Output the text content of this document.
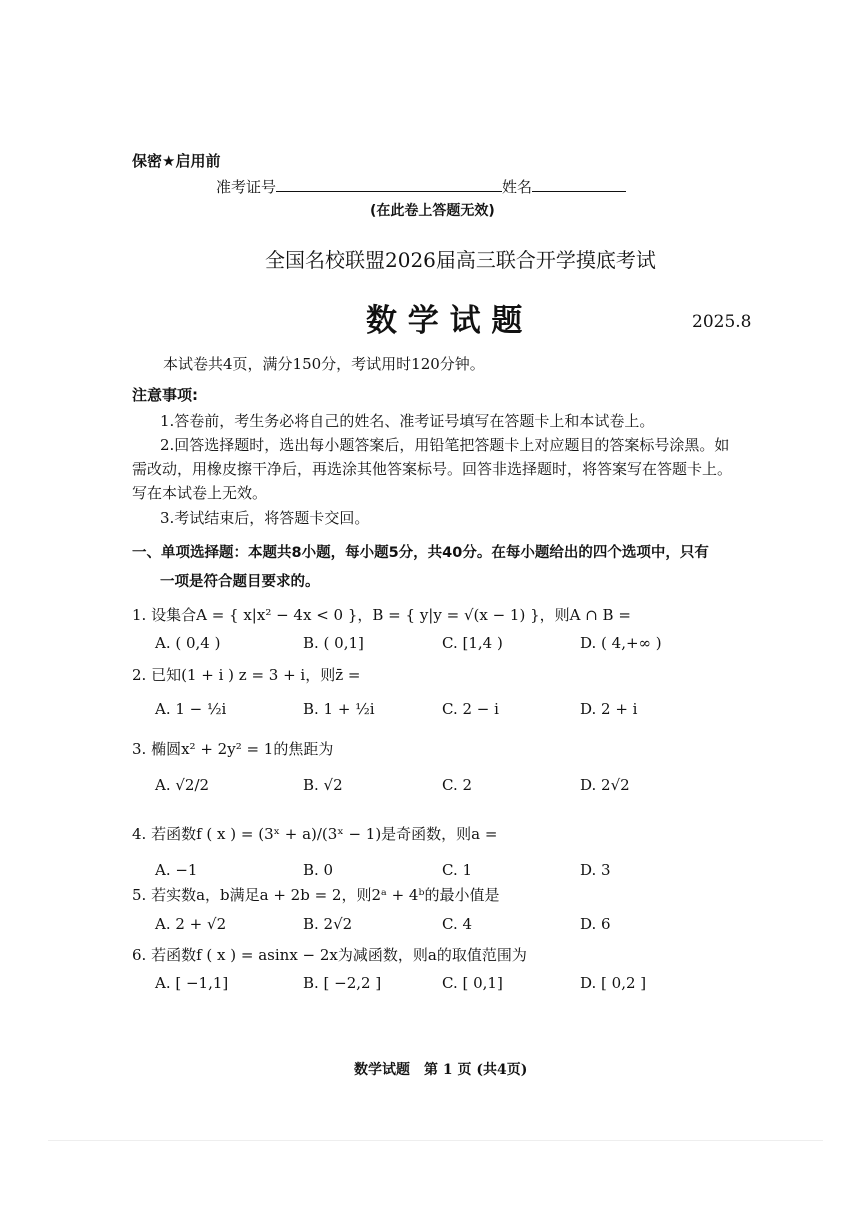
保密★启用前
准考证号	姓名
(在此卷上答题无效)
全国名校联盟2026届高三联合开学摸底考试
数 学 试 题	2025.8
本试卷共4页，满分150分，考试用时120分钟。
注意事项:
1.答卷前，考生务必将自己的姓名、准考证号填写在答题卡上和本试卷上。
2.回答选择题时，选出每小题答案后，用铅笔把答题卡上对应题目的答案标号涂黑。如
需改动，用橡皮擦干净后，再选涂其他答案标号。回答非选择题时，将答案写在答题卡上。
写在本试卷上无效。
3.考试结束后，将答题卡交回。
一、单项选择题：本题共8小题，每小题5分，共40分。在每小题给出的四个选项中，只有
一项是符合题目要求的。
1. 设集合A = { x|x² − 4x < 0 }，B = { y|y = √(x − 1) }，则A ∩ B =
A. ( 0,4 )	B. ( 0,1]	C. [1,4 )	D. ( 4,+∞ )
2. 已知(1 + i ) z = 3 + i，则z̄ =
A. 1 − ½i	B. 1 + ½i	C. 2 − i	D. 2 + i
3. 椭圆x² + 2y² = 1的焦距为
A. √2/2	B. √2	C. 2	D. 2√2
4. 若函数f ( x ) = (3ˣ + a)/(3ˣ − 1)是奇函数，则a =
A. −1	B. 0	C. 1	D. 3
5. 若实数a，b满足a + 2b = 2，则2ᵃ + 4ᵇ的最小值是
A. 2 + √2	B. 2√2	C. 4	D. 6
6. 若函数f ( x ) = asinx − 2x为减函数，则a的取值范围为
A. [ −1,1]	B. [ −2,2 ]	C. [ 0,1]	D. [ 0,2 ]
数学试题　第 1 页 (共4页)
